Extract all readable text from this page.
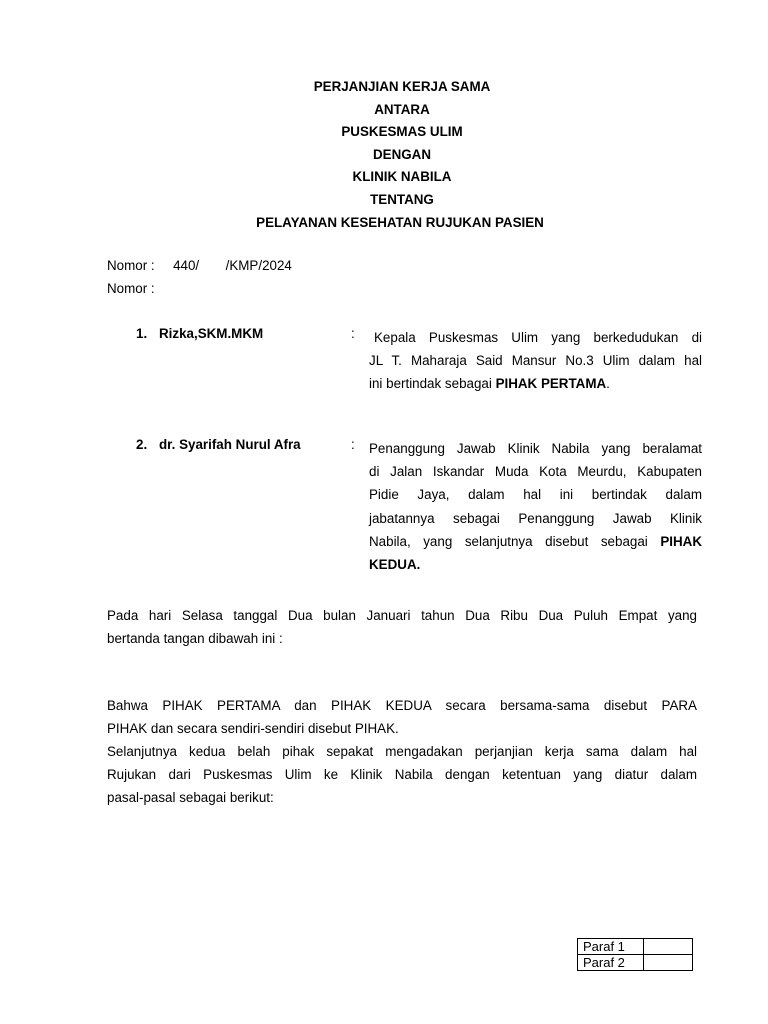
PERJANJIAN KERJA SAMA
ANTARA
PUSKESMAS ULIM
DENGAN
KLINIK NABILA
TENTANG
PELAYANAN KESEHATAN RUJUKAN PASIEN
Nomor : 440/ /KMP/2024
Nomor :
1. Rizka,SKM.MKM	:	Kepala Puskesmas Ulim yang berkedudukan di
JL T. Maharaja Said Mansur No.3 Ulim dalam hal
ini bertindak sebagai PIHAK PERTAMA.
2. dr. Syarifah Nurul Afra	: Penanggung Jawab Klinik Nabila yang beralamat
di Jalan Iskandar Muda Kota Meurdu, Kabupaten
Pidie Jaya, dalam hal ini bertindak dalam
jabatannya sebagai Penanggung Jawab Klinik
Nabila, yang selanjutnya disebut sebagai PIHAK
KEDUA.
Pada hari Selasa tanggal Dua bulan Januari tahun Dua Ribu Dua Puluh Empat yang
bertanda tangan dibawah ini :
Bahwa PIHAK PERTAMA dan PIHAK KEDUA secara bersama-sama disebut PARA
PIHAK dan secara sendiri-sendiri disebut PIHAK.
Selanjutnya kedua belah pihak sepakat mengadakan perjanjian kerja sama dalam hal
Rujukan dari Puskesmas Ulim ke Klinik Nabila dengan ketentuan yang diatur dalam
pasal-pasal sebagai berikut:
Paraf 1	
Paraf 2	
